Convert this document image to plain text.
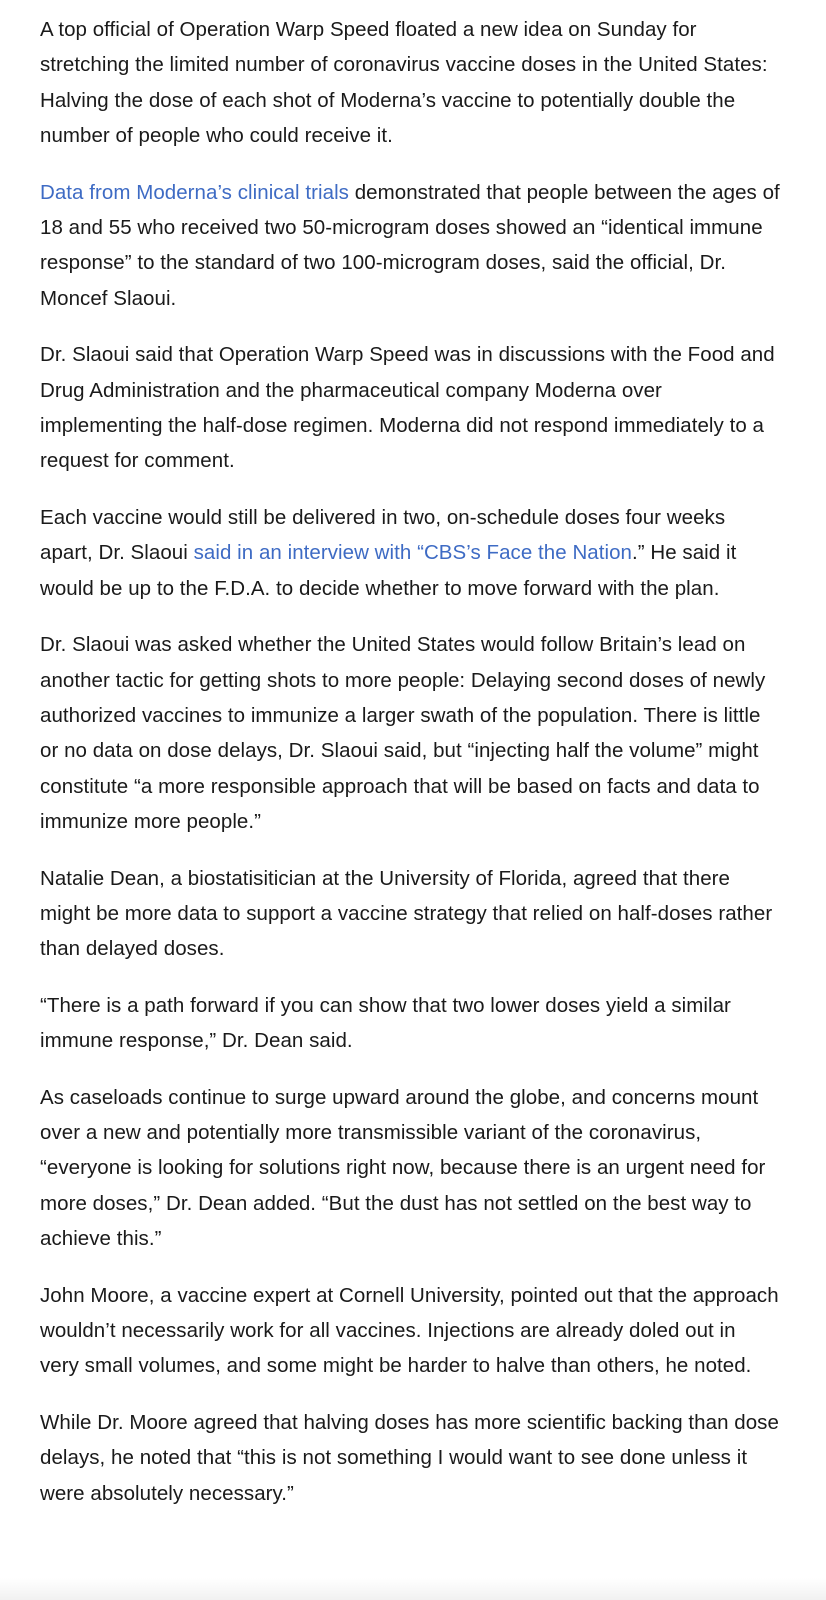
A top official of Operation Warp Speed floated a new idea on Sunday for stretching the limited number of coronavirus vaccine doses in the United States: Halving the dose of each shot of Moderna’s vaccine to potentially double the number of people who could receive it.

Data from Moderna’s clinical trials demonstrated that people between the ages of 18 and 55 who received two 50-microgram doses showed an “identical immune response” to the standard of two 100-microgram doses, said the official, Dr. Moncef Slaoui.

Dr. Slaoui said that Operation Warp Speed was in discussions with the Food and Drug Administration and the pharmaceutical company Moderna over implementing the half-dose regimen. Moderna did not respond immediately to a request for comment.

Each vaccine would still be delivered in two, on-schedule doses four weeks apart, Dr. Slaoui said in an interview with “CBS’s Face the Nation.” He said it would be up to the F.D.A. to decide whether to move forward with the plan.

Dr. Slaoui was asked whether the United States would follow Britain’s lead on another tactic for getting shots to more people: Delaying second doses of newly authorized vaccines to immunize a larger swath of the population. There is little or no data on dose delays, Dr. Slaoui said, but “injecting half the volume” might constitute “a more responsible approach that will be based on facts and data to immunize more people.”

Natalie Dean, a biostatisitician at the University of Florida, agreed that there might be more data to support a vaccine strategy that relied on half-doses rather than delayed doses.

“There is a path forward if you can show that two lower doses yield a similar immune response,” Dr. Dean said.

As caseloads continue to surge upward around the globe, and concerns mount over a new and potentially more transmissible variant of the coronavirus, “everyone is looking for solutions right now, because there is an urgent need for more doses,” Dr. Dean added. “But the dust has not settled on the best way to achieve this.”

John Moore, a vaccine expert at Cornell University, pointed out that the approach wouldn’t necessarily work for all vaccines. Injections are already doled out in very small volumes, and some might be harder to halve than others, he noted.

While Dr. Moore agreed that halving doses has more scientific backing than dose delays, he noted that “this is not something I would want to see done unless it were absolutely necessary.”
